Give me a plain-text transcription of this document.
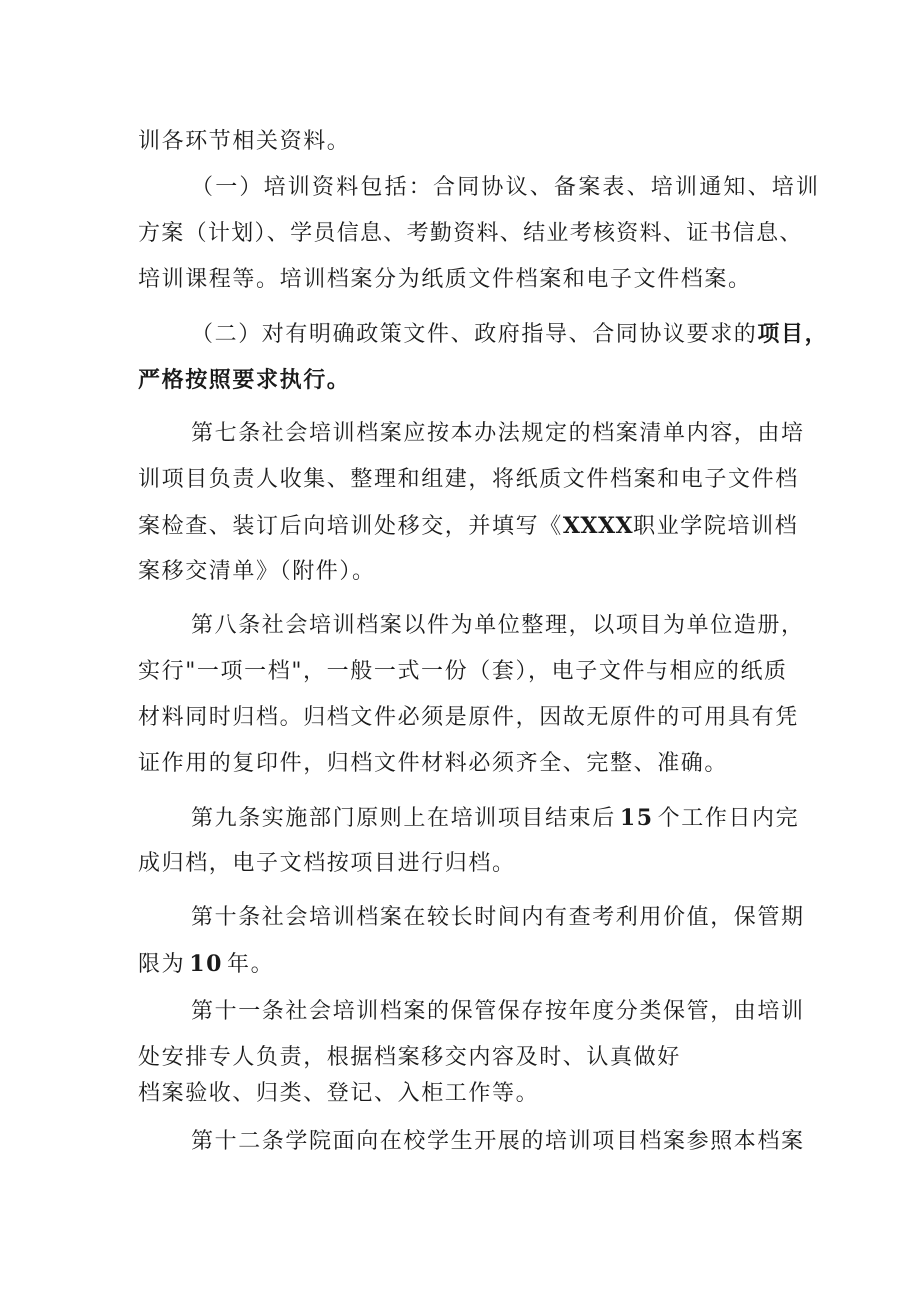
训各环节相关资料。
（一）培训资料包括：合同协议、备案表、培训通知、培训
方案（计划）、学员信息、考勤资料、结业考核资料、证书信息、
培训课程等。培训档案分为纸质文件档案和电子文件档案。
（二）对有明确政策文件、政府指导、合同协议要求的项目，
严格按照要求执行。
第七条社会培训档案应按本办法规定的档案清单内容，由培
训项目负责人收集、整理和组建，将纸质文件档案和电子文件档
案检查、装订后向培训处移交，并填写《XXXX职业学院培训档
案移交清单》（附件）。
第八条社会培训档案以件为单位整理，以项目为单位造册，
实行"一项一档"，一般一式一份（套），电子文件与相应的纸质
材料同时归档。归档文件必须是原件，因故无原件的可用具有凭
证作用的复印件，归档文件材料必须齐全、完整、准确。
第九条实施部门原则上在培训项目结束后 15 个工作日内完
成归档，电子文档按项目进行归档。
第十条社会培训档案在较长时间内有查考利用价值，保管期
限为 10 年。
第十一条社会培训档案的保管保存按年度分类保管，由培训
处安排专人负责，根据档案移交内容及时、认真做好
档案验收、归类、登记、入柜工作等。
第十二条学院面向在校学生开展的培训项目档案参照本档案
